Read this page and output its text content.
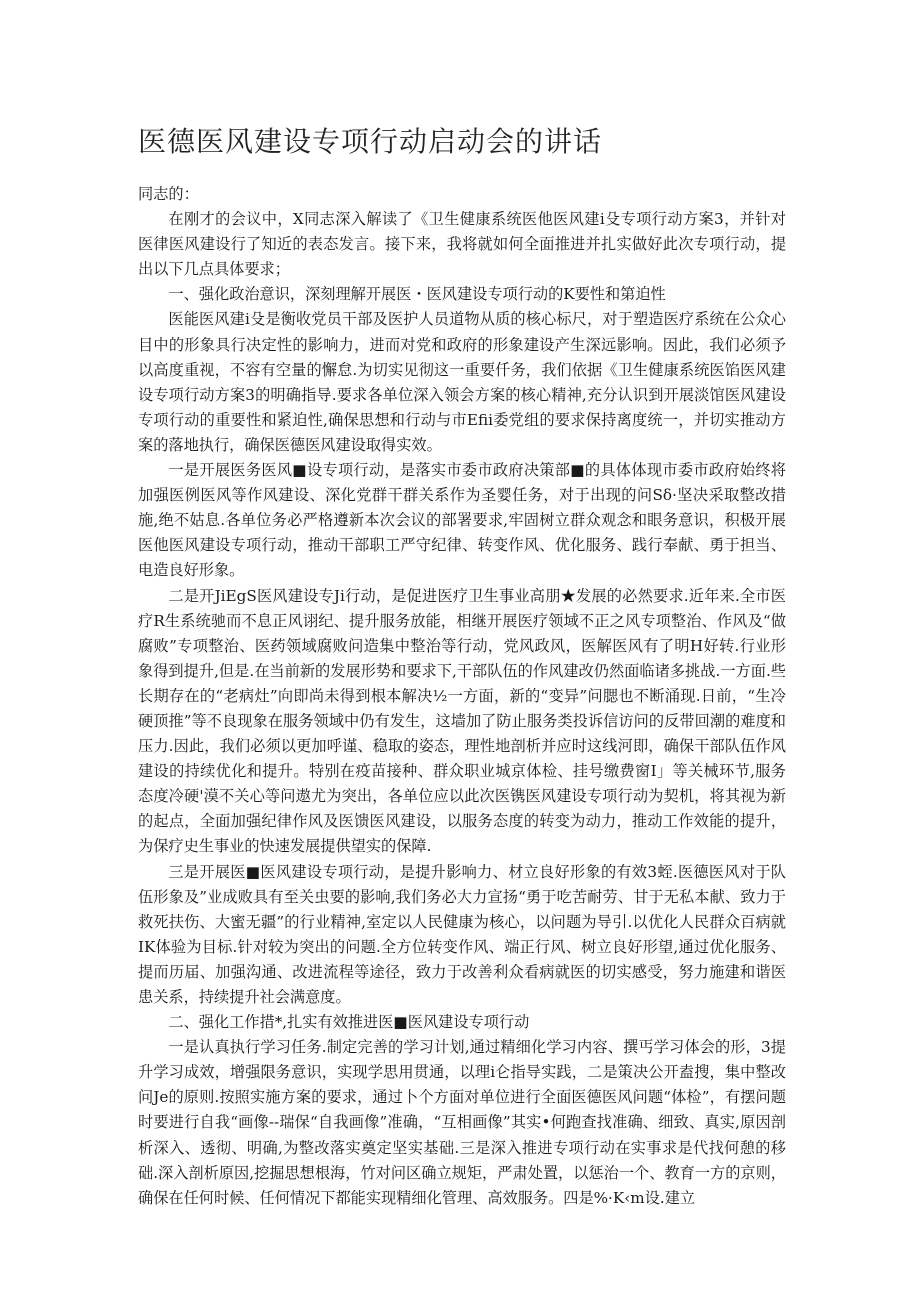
医德医风建设专项行动启动会的讲话

同志的：

在刚才的会议中，X同志深入解读了《卫生健康系统医他医风建i殳专项行动方案3，并针对医律医风建设行了知近的表态发言。接下来，我将就如何全面推进并扎实做好此次专项行动，提出以下几点具体要求；

一、强化政治意识，深刻理解开展医・医风建设专项行动的K要性和第迫性

医能医风建i殳是衡收党员干部及医护人员道物从质的核心标尺，对于塑造医疗系统在公众心目中的形象具行决定性的影响力，进而对党和政府的形象建设产生深远影响。因此，我们必须予以高度重视，不容有空量的懈怠.为切实见彻这一重要仟务，我们依据《卫生健康系统医馅医风建设专项行动方案3的明确指导.要求各单位深入领会方案的核心精神,充分认识到开展淡馆医风建设专项行动的重要性和紧迫性,确保思想和行动与市Efii委党组的要求保持离度统一，并切实推动方案的落地执行，确保医德医风建设取得实效。

一是开展医务医风■设专项行动，是落实市委市政府决策部■的具体体现市委市政府始终将加强医例医风等作风建设、深化党群干群关系作为圣婴任务，对于出现的问Sδ·坚决采取整改措施,绝不姑息.各单位务必严格遵新本次会议的部署要求,牢固树立群众观念和眼务意识，积极开展医他医风建设专项行动，推动干部职工严守纪律、转变作风、优化服务、践行奉献、勇于担当、电造良好形象。

二是开JiEgS医风建设专Ji行动，是促进医疗卫生事业高朋★发展的必然要求.近年来.全市医疗R生系统驰而不息正风诩纪、提升服务放能，相继开展医疗领域不正之风专项整治、作风及“做腐败”专项整治、医药领域腐败问造集中整治等行动，党风政风，医解医风有了明H好转.行业形象得到提升,但是.在当前新的发展形势和要求下,干部队伍的作风建改仍然面临诸多挑战.一方面.些长期存在的“老病灶”向即尚未得到根本解决⅟₂一方面，新的“变异”问腮也不断涌现.日前，“生冷硬顶推”等不良现象在服务领域中仍有发生，这墙加了防止服务类投诉信访问的反带回潮的难度和压力.因此，我们必须以更加呼谨、稳取的姿态，理性地剖析并应时这线河即，确保干部队伍作风建设的持续优化和提升。特别在疫苗接种、群众职业城京体检、挂号缴费窗I」等关械环节,服务态度冷硬'漠不关心等问遨尤为突出，各单位应以此次医镌医风建设专项行动为契机，将其视为新的起点，全面加强纪律作风及医馈医风建设，以服务态度的转变为动力，推动工作效能的提升，为保疗史生事业的快速发展提供望实的保障.

三是开展医■医风建设专项行动，是提升影响力、材立良好形象的有效3蛭.医德医风对于队伍形象及”业成败具有至关虫要的影响,我们务必大力宣扬“勇于吃苦耐劳、甘于无私本献、致力于救死扶伤、大蜜无疆”的行业精神,室定以人民健康为核心，以问题为导引.以优化人民群众百病就IK体验为目标.针对较为突出的问题.全方位转变作风、端正行风、树立良好形望,通过优化服务、提而历届、加强沟通、改进流程等途径，致力于改善利众看病就医的切实感受，努力施建和谐医患关系，持续提升社会满意度。

二、强化工作措*,扎实有效推进医■医风建设专项行动

一是认真执行学习任务.制定完善的学习计划,通过精细化学习内容、撰丐学习体会的形，3提升学习成效，增强限务意识，实现学思用贯通，以理i仑指导实践，二是策决公开盍搜，集中整改问Je的原则.按照实施方案的要求，通过卜个方面对单位进行全面医德医风问题“体检”，有摆问题时要进行自我“画像--瑞保“自我画像”准确，“互相画像”其实•何跑查找准确、细致、真实,原因剖析深入、透彻、明确,为整改落实奠定坚实基础.三是深入推进专项行动在实事求是代找何憩的移础.深入剖析原因,挖掘思想根海，竹对问区确立规矩，严肃处置，以惩治一个、教育一方的京则，确保在任何时候、任何情况下都能实现精细化管理、高效服务。四是%·K‹m设.建立
